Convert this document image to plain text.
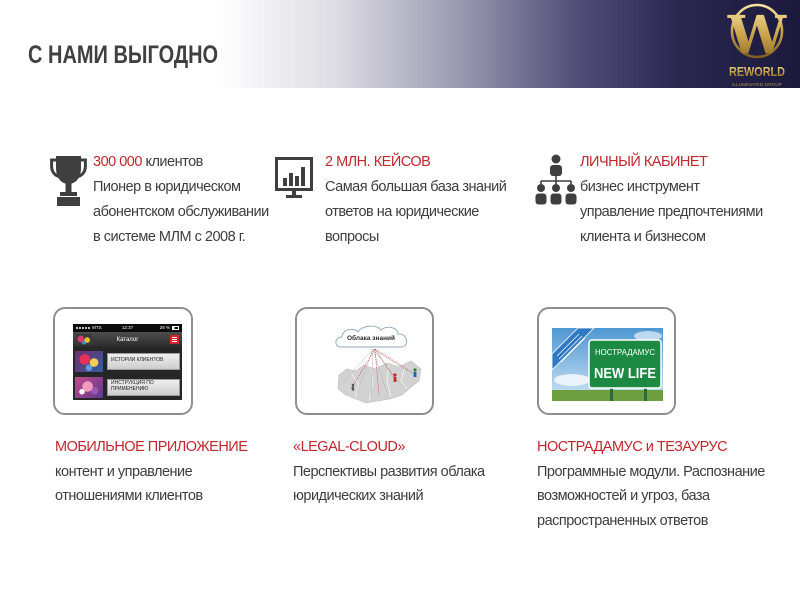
С НАМИ ВЫГОДНО	W
REWORLD
ILLUMINATED GROUP
300 000 клиентов
Пионер в юридическом
абонентском обслуживании
в системе МЛМ с 2008 г.
2 МЛН. КЕЙСОВ
Самая большая база знаний
ответов на юридические
вопросы
ЛИЧНЫЙ КАБИНЕТ
бизнес инструмент
управление предпочтениями
клиента и бизнесом
MTS	12:37	28 %
Каталог
ИСТОРИИ КЛИЕНТОВ
ИНСТРУКЦИЯ ПО ПРИМЕНЕНИЮ
МОБИЛЬНОЕ ПРИЛОЖЕНИЕ
контент и управление
отношениями клиентов
Облака знаний
«LEGAL-CLOUD»
Перспективы развития облака
юридических знаний
НОСТРАДАМУС
NEW LIFE
НОСТРАДАМУС и ТЕЗАУРУС
Программные модули. Распознание
возможностей и угроз, база
распространенных ответов
